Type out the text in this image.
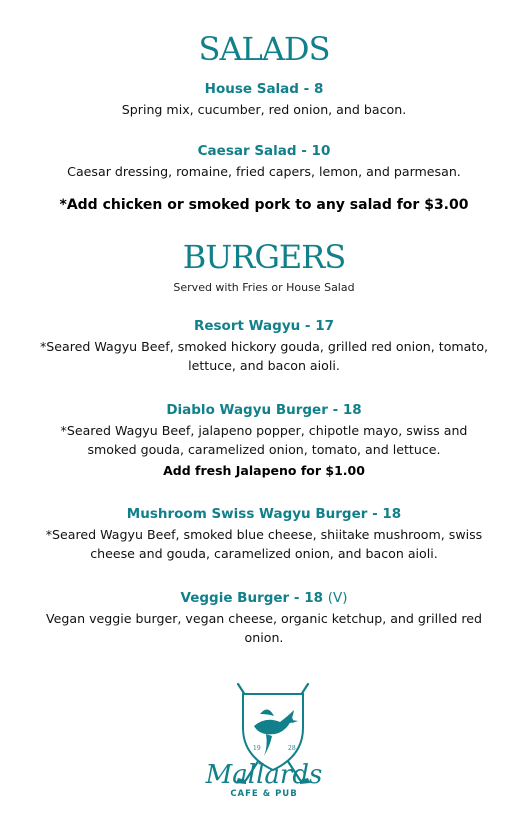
SALADS
House Salad - 8

Spring mix, cucumber, red onion, and bacon.

Caesar Salad - 10

Caesar dressing, romaine, fried capers, lemon, and parmesan.

*Add chicken or smoked pork to any salad for $3.00

BURGERS

Served with Fries or House Salad

Resort Wagyu - 17

*Seared Wagyu Beef, smoked hickory gouda, grilled red onion, tomato, lettuce, and bacon aioli.

Diablo Wagyu Burger - 18

*Seared Wagyu Beef, jalapeno popper, chipotle mayo, swiss and smoked gouda, caramelized onion, tomato, and lettuce.

Add fresh Jalapeno for $1.00

Mushroom Swiss Wagyu Burger - 18

*Seared Wagyu Beef, smoked blue cheese, shiitake mushroom, swiss cheese and gouda, caramelized onion, and bacon aioli.

Veggie Burger - 18 (V)

Vegan veggie burger, vegan cheese, organic ketchup, and grilled red onion.

19	28

Mallards

CAFE & PUB
